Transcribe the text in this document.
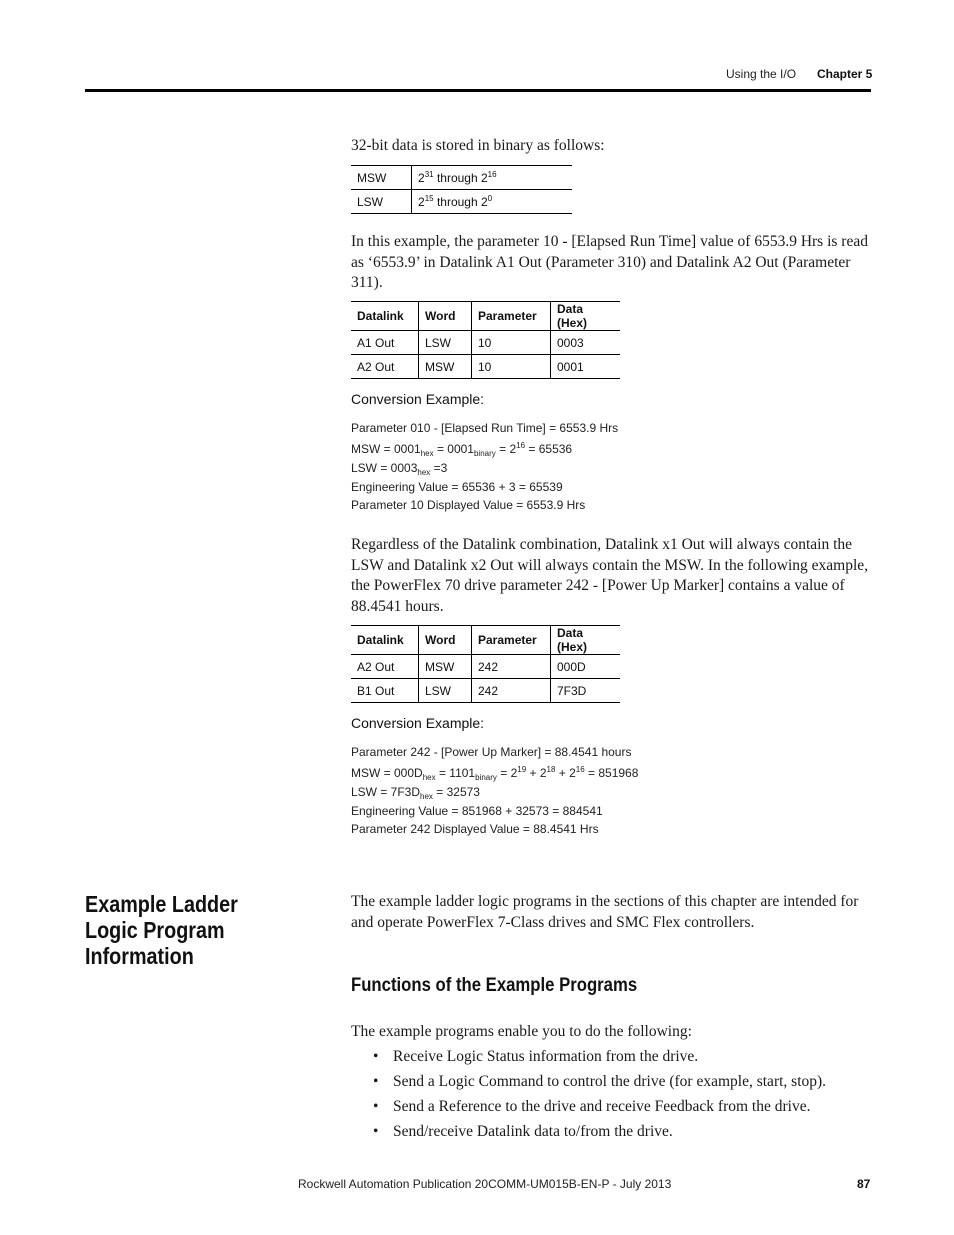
Using the I/O Chapter 5
32-bit data is stored in binary as follows:
MSW	$2^{31}$ through $2^{16}$
LSW	$2^{15}$ through $2^0$
In this example, the parameter 10 - [Elapsed Run Time] value of 6553.9 Hrs is read as ‘6553.9’ in Datalink A1 Out (Parameter 310) and Datalink A2 Out (Parameter 311).
Datalink	Word	Parameter	Data (Hex)
A1 Out	LSW	10	0003
A2 Out	MSW	10	0001
Conversion Example:
Parameter 010 - [Elapsed Run Time] = 6553.9 Hrs
MSW = $0001_{hex} = 0001_{binary} = 2^{16} = 65536$
LSW = $0003_{hex} =3$
Engineering Value = 65536 + 3 = 65539
Parameter 10 Displayed Value = 6553.9 Hrs
Regardless of the Datalink combination, Datalink x1 Out will always contain the LSW and Datalink x2 Out will always contain the MSW. In the following example, the PowerFlex 70 drive parameter 242 - [Power Up Marker] contains a value of 88.4541 hours.
Datalink	Word	Parameter	Data (Hex)
A2 Out	MSW	242	000D
B1 Out	LSW	242	7F3D
Conversion Example:
Parameter 242 - [Power Up Marker] = 88.4541 hours
MSW = $000D_{hex} = 1101_{binary} = 2^{19} + 2^{18} + 2^{16} = 851968$
LSW = $7F3D_{hex} = 32573$
Engineering Value = 851968 + 32573 = 884541
Parameter 242 Displayed Value = 88.4541 Hrs
Example Ladder Logic Program Information
The example ladder logic programs in the sections of this chapter are intended for and operate PowerFlex 7-Class drives and SMC Flex controllers.
Functions of the Example Programs
The example programs enable you to do the following:
• Receive Logic Status information from the drive.
• Send a Logic Command to control the drive (for example, start, stop).
• Send a Reference to the drive and receive Feedback from the drive.
• Send/receive Datalink data to/from the drive.
Rockwell Automation Publication 20COMM-UM015B-EN-P - July 2013	87
